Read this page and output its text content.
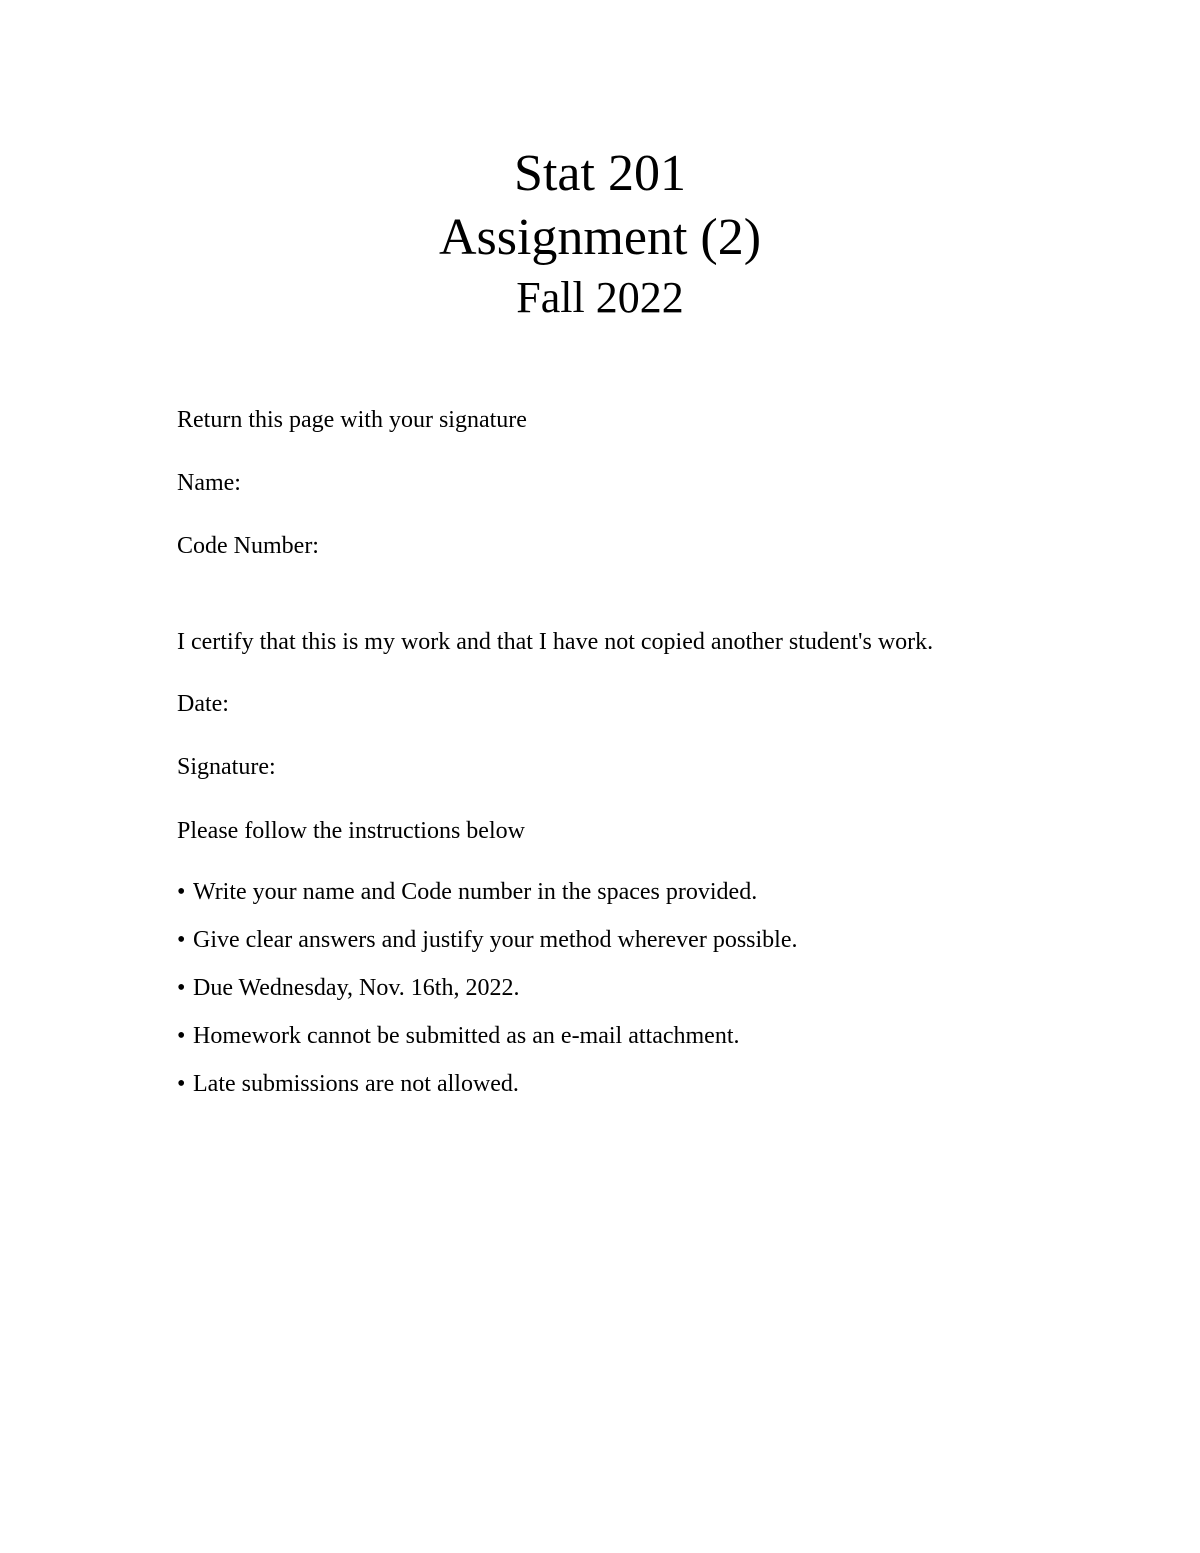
Stat 201
Assignment (2)
Fall 2022
Return this page with your signature
Name:
Code Number:
I certify that this is my work and that I have not copied another student's work.
Date:
Signature:
Please follow the instructions below
• Write your name and Code number in the spaces provided.
• Give clear answers and justify your method wherever possible.
• Due Wednesday, Nov. 16th, 2022.
• Homework cannot be submitted as an e-mail attachment.
• Late submissions are not allowed.
